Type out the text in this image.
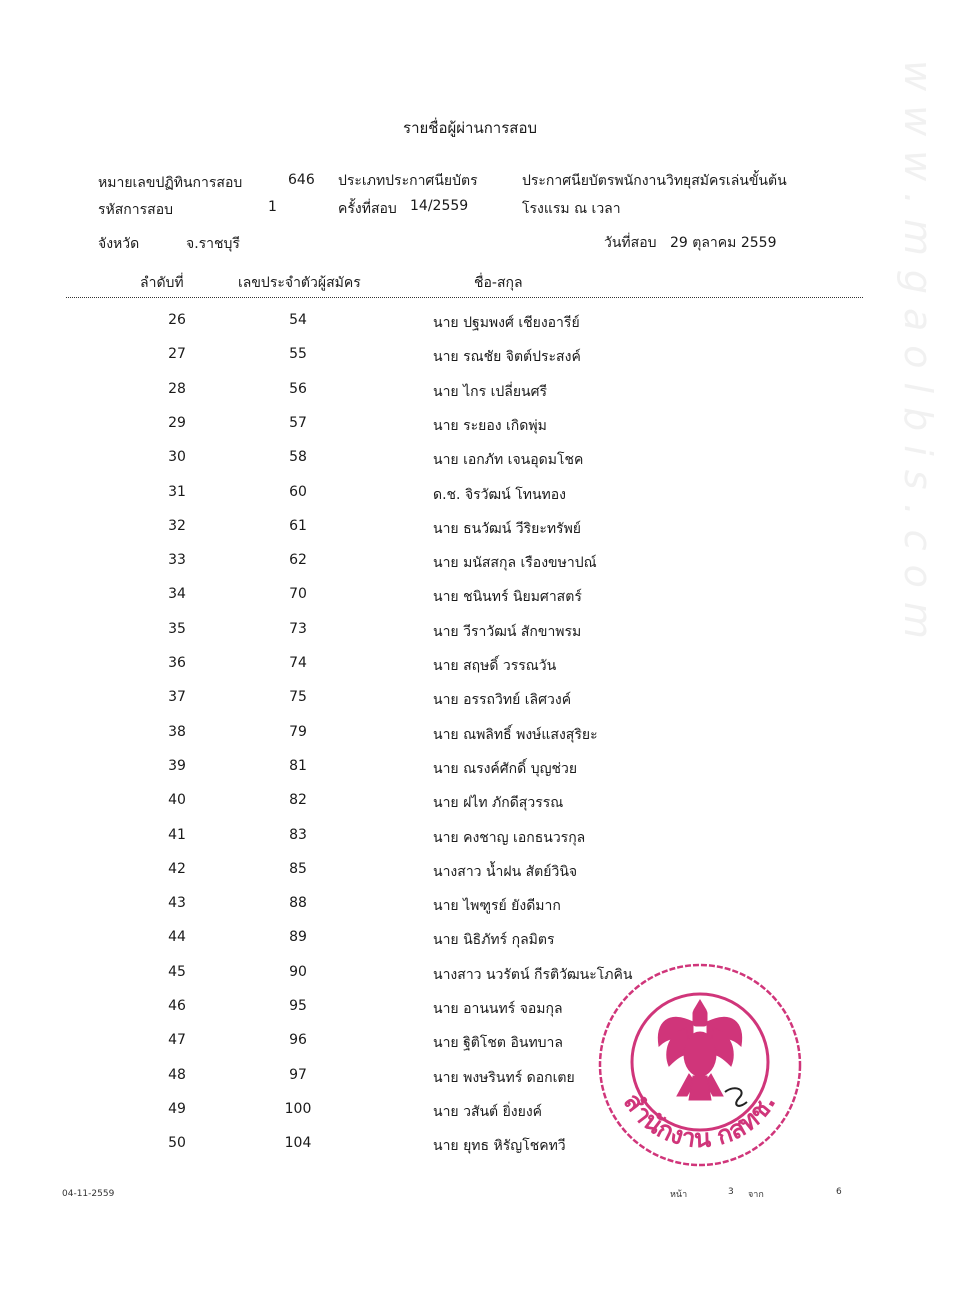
www.mgaolbis.com
รายชื่อผู้ผ่านการสอบ
หมายเลขปฏิทินการสอบ	646 ประเภทประกาศนียบัตร	ประกาศนียบัตรพนักงานวิทยุสมัครเล่นขั้นต้น
รหัสการสอบ	1	ครั้งที่สอบ 14/2559	โรงแรม ณ เวลา
จังหวัด	จ.ราชบุรี	วันที่สอบ 29 ตุลาคม 2559
ลำดับที่	เลขประจำตัวผู้สมัคร	ชื่อ-สกุล
26	54	นาย ปฐมพงศ์ เชียงอารีย์
27	55	นาย รณชัย จิตต์ประสงค์
28	56	นาย ไกร เปลี่ยนศรี
29	57	นาย ระยอง เกิดพุ่ม
30	58	นาย เอกภัท เจนอุดมโชค
31	60	ด.ช. จิรวัฒน์ โทนทอง
32	61	นาย ธนวัฒน์ วีริยะทรัพย์
33	62	นาย มนัสสกุล เรืองขษาปณ์
34	70	นาย ชนินทร์ นิยมศาสตร์
35	73	นาย วีราวัฒน์ สักขาพรม
36	74	นาย สฤษดิ์ วรรณวัน
37	75	นาย อรรถวิทย์ เลิศวงค์
38	79	นาย ณพลิทธิ์ พงษ์แสงสุริยะ
39	81	นาย ณรงค์ศักดิ์ บุญช่วย
40	82	นาย ฝไท ภักดีสุวรรณ
41	83	นาย คงชาญ เอกธนวรกุล
42	85	นางสาว น้ำฝน สัตย์วินิจ
43	88	นาย ไพฑูรย์ ยังดีมาก
44	89	นาย นิธิภัทร์ กุลมิตร
45	90	นางสาว นวรัตน์ กีรติวัฒนะโภคิน
46	95	นาย อานนทร์ จอมกุล
47	96	นาย ฐิติโชต อินทบาล
48	97	นาย พงษรินทร์ ดอกเตย
49	100	นาย วสันต์ ยิ่งยงค์
50	104	นาย ยุทธ หิรัญโชคทวี
04-11-2559	หน้า	3 จาก	6
สำนักงาน กสทช.
